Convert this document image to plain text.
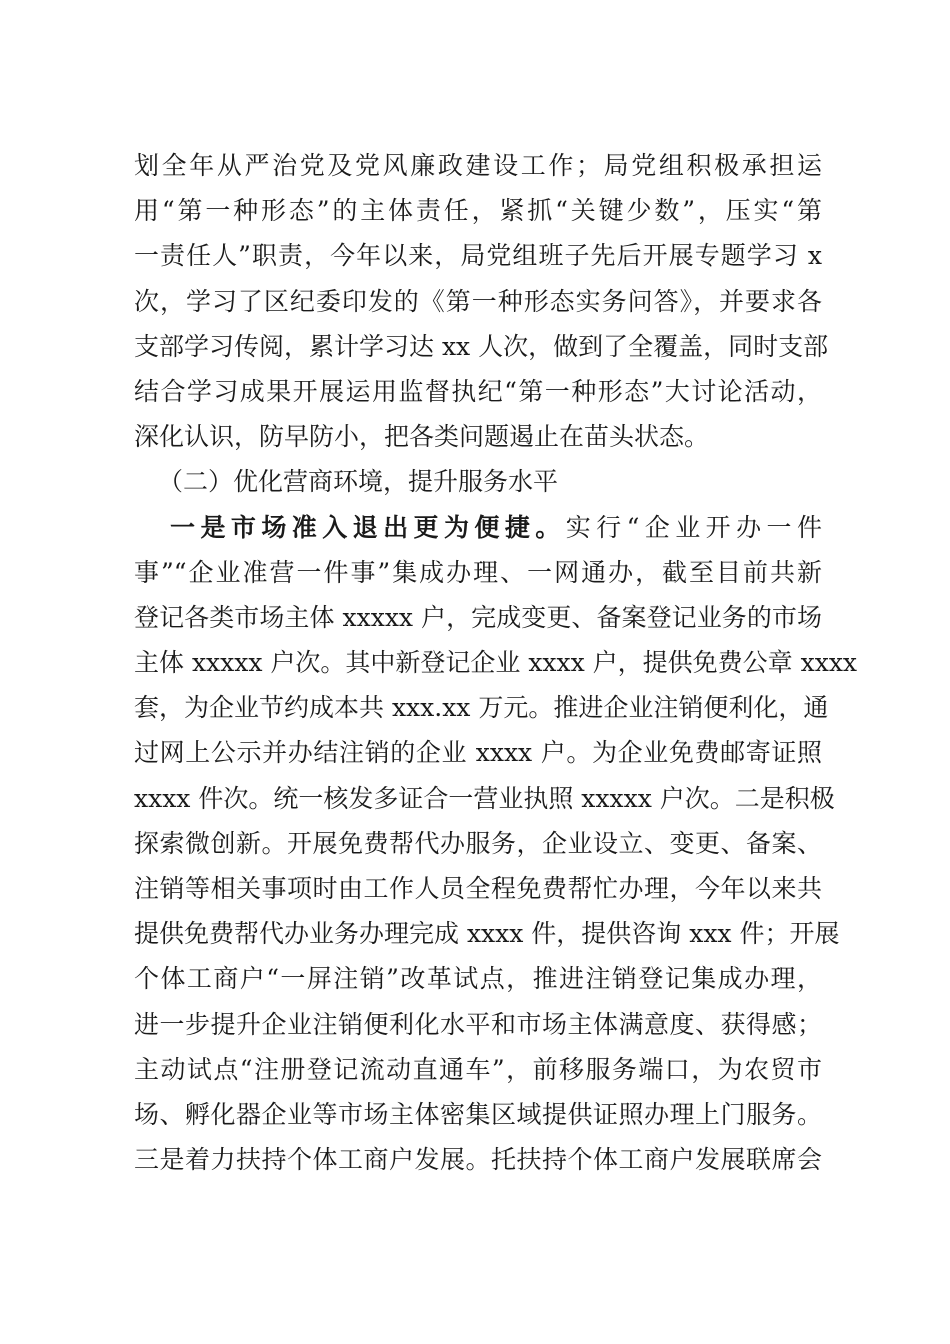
划全年从严治党及党风廉政建设工作；局党组积极承担运
用“第一种形态”的主体责任，紧抓“关键少数”，压实“第
一责任人”职责，今年以来，局党组班子先后开展专题学习 x
次，学习了区纪委印发的《第一种形态实务问答》，并要求各
支部学习传阅，累计学习达 xx 人次，做到了全覆盖，同时支部
结合学习成果开展运用监督执纪“第一种形态”大讨论活动，
深化认识，防早防小，把各类问题遏止在苗头状态。
（二）优化营商环境，提升服务水平
一是市场准入退出更为便捷。实行“企业开办一件
事”“企业准营一件事”集成办理、一网通办，截至目前共新
登记各类市场主体 xxxxx 户，完成变更、备案登记业务的市场
主体 xxxxx 户次。其中新登记企业 xxxx 户，提供免费公章 xxxx
套，为企业节约成本共 xxx.xx 万元。推进企业注销便利化，通
过网上公示并办结注销的企业 xxxx 户。为企业免费邮寄证照
xxxx 件次。统一核发多证合一营业执照 xxxxx 户次。二是积极
探索微创新。开展免费帮代办服务，企业设立、变更、备案、
注销等相关事项时由工作人员全程免费帮忙办理，今年以来共
提供免费帮代办业务办理完成 xxxx 件，提供咨询 xxx 件；开展
个体工商户“一屏注销”改革试点，推进注销登记集成办理，
进一步提升企业注销便利化水平和市场主体满意度、获得感；
主动试点“注册登记流动直通车”，前移服务端口，为农贸市
场、孵化器企业等市场主体密集区域提供证照办理上门服务。
三是着力扶持个体工商户发展。托扶持个体工商户发展联席会
